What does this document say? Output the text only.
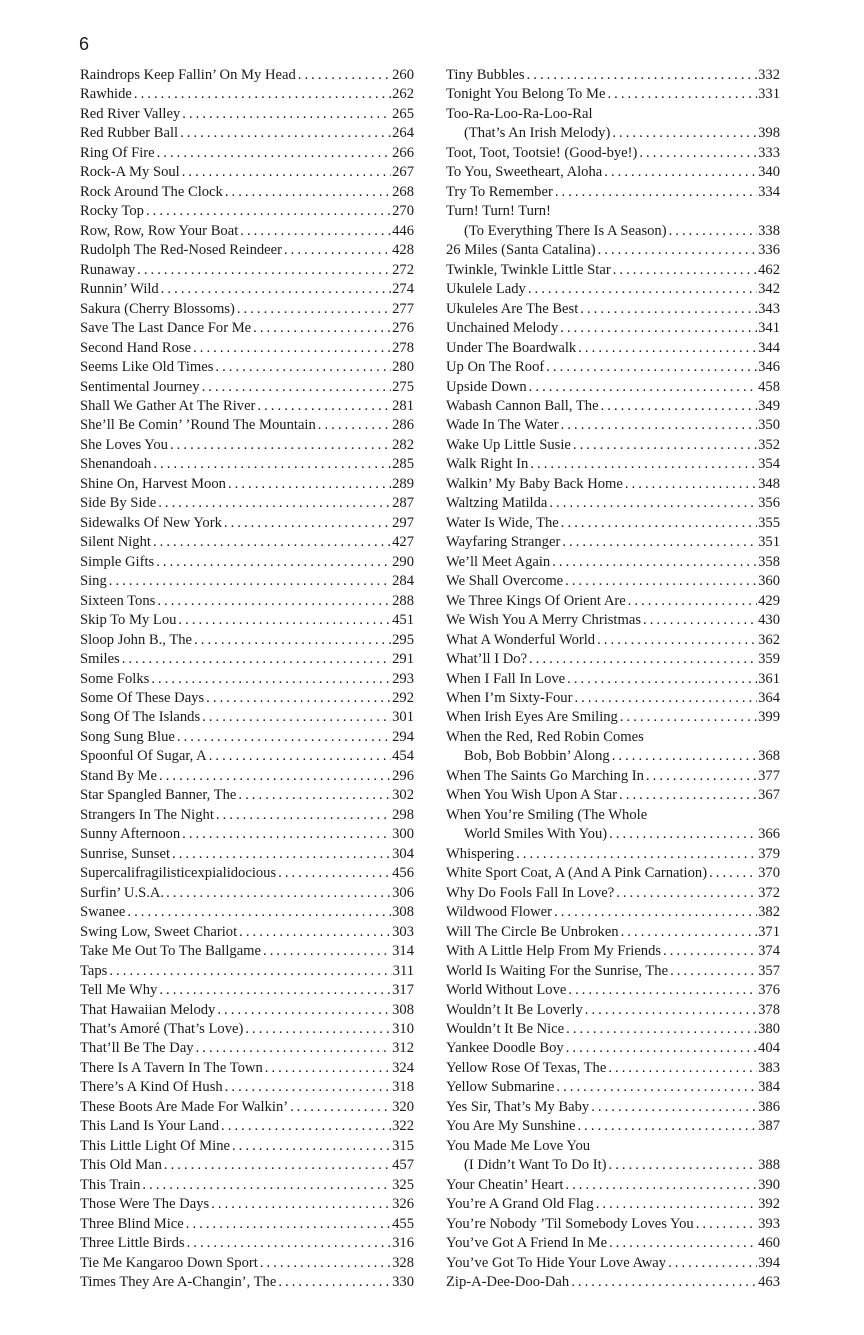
6
Raindrops Keep Fallin’ On My Head . . .	260
Rawhide . . .	262
Red River Valley . . .	265
Red Rubber Ball . . .	264
Ring Of Fire . . .	266
Rock-A My Soul . . .	267
Rock Around The Clock . . .	268
Rocky Top . . .	270
Row, Row, Row Your Boat . . .	446
Rudolph The Red-Nosed Reindeer . . .	428
Runaway . . .	272
Runnin’ Wild . . .	274
Sakura (Cherry Blossoms) . . .	277
Save The Last Dance For Me . . .	276
Second Hand Rose . . .	278
Seems Like Old Times . . .	280
Sentimental Journey . . .	275
Shall We Gather At The River . . .	281
She’ll Be Comin’ ’Round The Mountain . . .	286
She Loves You . . .	282
Shenandoah . . .	285
Shine On, Harvest Moon . . .	289
Side By Side . . .	287
Sidewalks Of New York . . .	297
Silent Night . . .	427
Simple Gifts . . .	290
Sing . . .	284
Sixteen Tons . . .	288
Skip To My Lou . . .	451
Sloop John B., The . . .	295
Smiles . . .	291
Some Folks . . .	293
Some Of These Days . . .	292
Song Of The Islands . . .	301
Song Sung Blue . . .	294
Spoonful Of Sugar, A . . .	454
Stand By Me . . .	296
Star Spangled Banner, The . . .	302
Strangers In The Night . . .	298
Sunny Afternoon . . .	300
Sunrise, Sunset . . .	304
Supercalifragilisticexpialidocious . . .	456
Surfin’ U.S.A. . . .	306
Swanee . . .	308
Swing Low, Sweet Chariot . . .	303
Take Me Out To The Ballgame . . .	314
Taps . . .	311
Tell Me Why . . .	317
That Hawaiian Melody . . .	308
That’s Amoré (That’s Love) . . .	310
That’ll Be The Day . . .	312
There Is A Tavern In The Town . . .	324
There’s A Kind Of Hush . . .	318
These Boots Are Made For Walkin’ . . .	320
This Land Is Your Land . . .	322
This Little Light Of Mine . . .	315
This Old Man . . .	457
This Train . . .	325
Those Were The Days . . .	326
Three Blind Mice . . .	455
Three Little Birds . . .	316
Tie Me Kangaroo Down Sport . . .	328
Times They Are A-Changin’, The . . .	330
Tiny Bubbles . . .	332
Tonight You Belong To Me . . .	331
Too-Ra-Loo-Ra-Loo-Ral
(That’s An Irish Melody) . . .	398
Toot, Toot, Tootsie! (Good-bye!) . . .	333
To You, Sweetheart, Aloha . . .	340
Try To Remember . . .	334
Turn! Turn! Turn!
(To Everything There Is A Season) . . .	338
26 Miles (Santa Catalina) . . .	336
Twinkle, Twinkle Little Star . . .	462
Ukulele Lady . . .	342
Ukuleles Are The Best . . .	343
Unchained Melody . . .	341
Under The Boardwalk . . .	344
Up On The Roof . . .	346
Upside Down . . .	458
Wabash Cannon Ball, The . . .	349
Wade In The Water . . .	350
Wake Up Little Susie . . .	352
Walk Right In . . .	354
Walkin’ My Baby Back Home . . .	348
Waltzing Matilda . . .	356
Water Is Wide, The . . .	355
Wayfaring Stranger . . .	351
We’ll Meet Again . . .	358
We Shall Overcome . . .	360
We Three Kings Of Orient Are . . .	429
We Wish You A Merry Christmas . . .	430
What A Wonderful World . . .	362
What’ll I Do? . . .	359
When I Fall In Love . . .	361
When I’m Sixty-Four . . .	364
When Irish Eyes Are Smiling . . .	399
When the Red, Red Robin Comes
Bob, Bob Bobbin’ Along . . .	368
When The Saints Go Marching In . . .	377
When You Wish Upon A Star . . .	367
When You’re Smiling (The Whole
World Smiles With You) . . .	366
Whispering . . .	379
White Sport Coat, A (And A Pink Carnation) . . .	370
Why Do Fools Fall In Love? . . .	372
Wildwood Flower . . .	382
Will The Circle Be Unbroken . . .	371
With A Little Help From My Friends . . .	374
World Is Waiting For the Sunrise, The . . .	357
World Without Love . . .	376
Wouldn’t It Be Loverly . . .	378
Wouldn’t It Be Nice . . .	380
Yankee Doodle Boy . . .	404
Yellow Rose Of Texas, The . . .	383
Yellow Submarine . . .	384
Yes Sir, That’s My Baby . . .	386
You Are My Sunshine . . .	387
You Made Me Love You
(I Didn’t Want To Do It) . . .	388
Your Cheatin’ Heart . . .	390
You’re A Grand Old Flag . . .	392
You’re Nobody ’Til Somebody Loves You . . .	393
You’ve Got A Friend In Me . . .	460
You’ve Got To Hide Your Love Away . . .	394
Zip-A-Dee-Doo-Dah . . .	463
